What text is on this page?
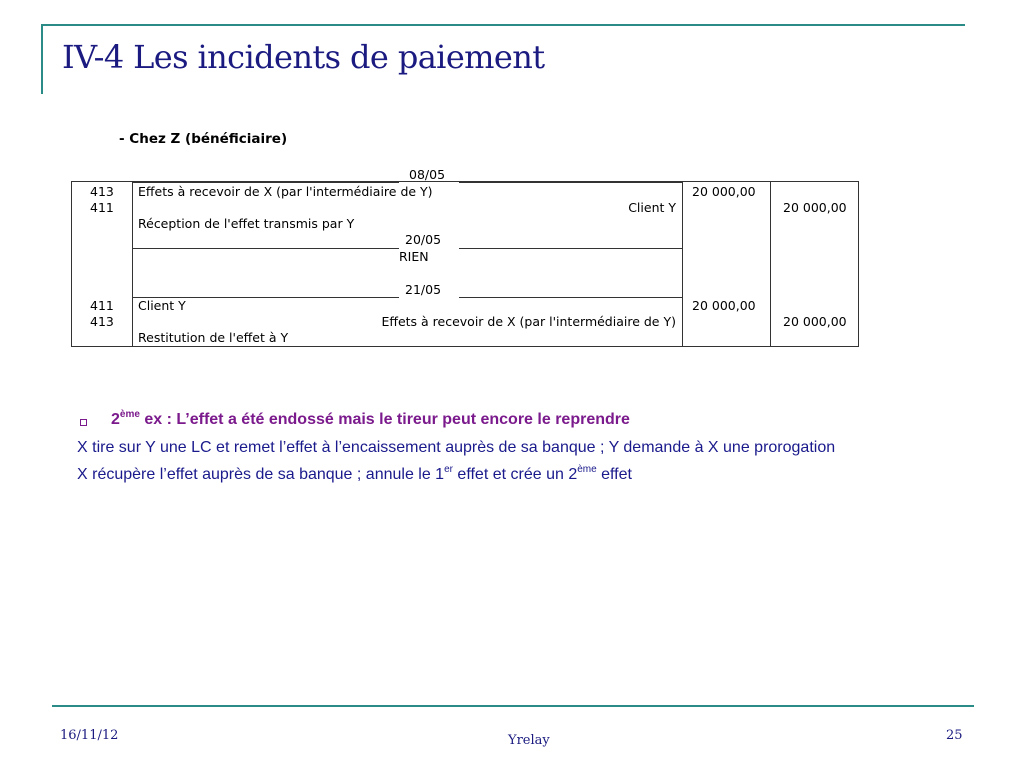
IV-4 Les incidents de paiement
- Chez Z (bénéficiaire)
08/05
413
411
Effets à recevoir de X (par l'intermédiaire de Y)
Client Y
Réception de l'effet transmis par Y
20 000,00
20 000,00
20/05
RIEN
21/05
411
413
Client Y
Effets à recevoir de X (par l'intermédiaire de Y)
Restitution de l'effet à Y
20 000,00
20 000,00
2ème ex : L’effet a été endossé mais le tireur peut encore le reprendre
X tire sur Y une LC et remet l’effet à l’encaissement auprès de sa banque ; Y demande à X une prorogation
X récupère l’effet auprès de sa banque ; annule le 1er effet et crée un 2ème effet
16/11/12	Yrelay	25
